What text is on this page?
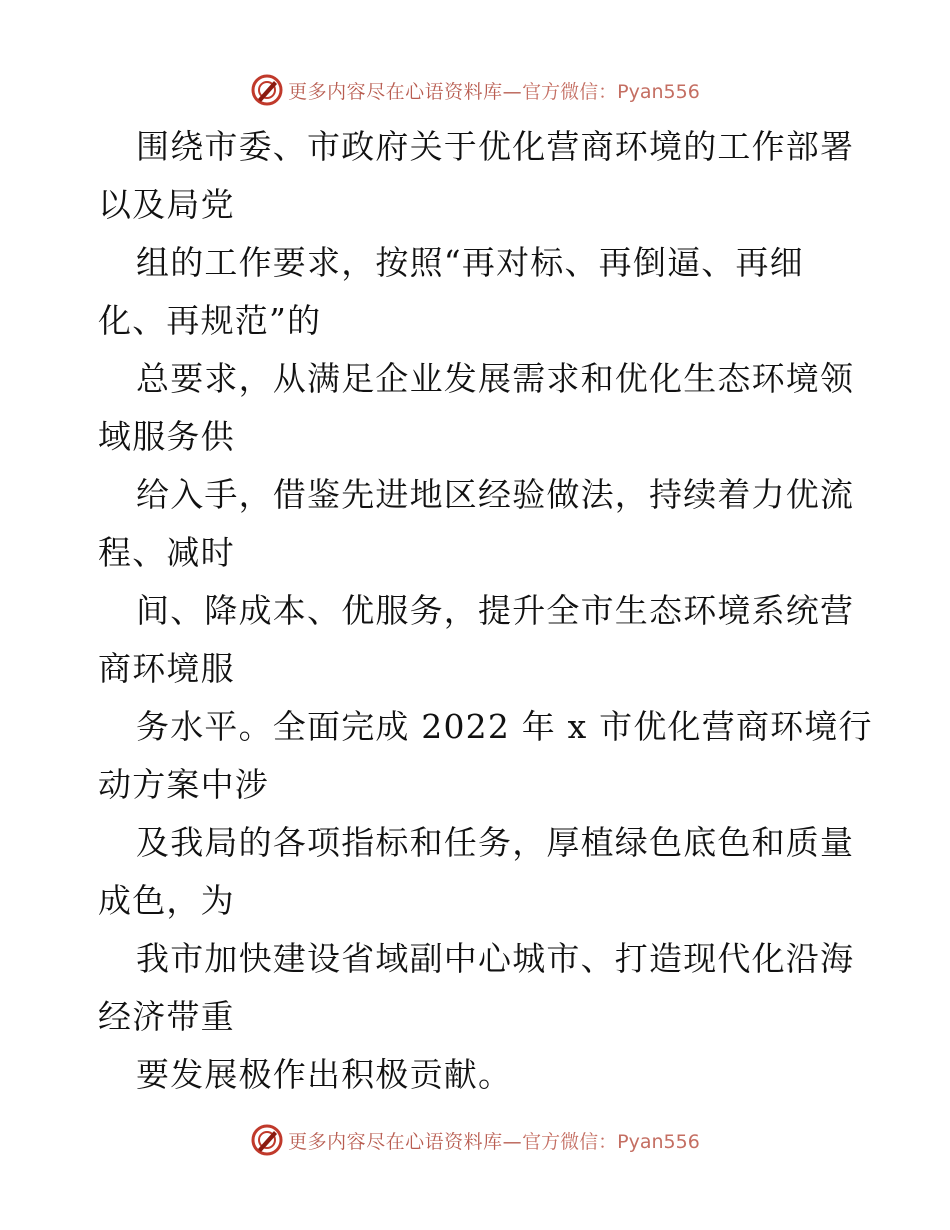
更多内容尽在心语资料库— 官方微信：Pyan556
围绕市委、市政府关于优化营商环境的工作部署
以及局党
组的工作要求，按照“再对标、再倒逼、再细
化、再规范”的
总要求，从满足企业发展需求和优化生态环境领
域服务供
给入手，借鉴先进地区经验做法，持续着力优流
程、减时
间、降成本、优服务，提升全市生态环境系统营
商环境服
务水平。全面完成 2022 年 x 市优化营商环境行
动方案中涉
及我局的各项指标和任务，厚植绿色底色和质量
成色，为
我市加快建设省域副中心城市、打造现代化沿海
经济带重
要发展极作出积极贡献。
更多内容尽在心语资料库— 官方微信：Pyan556
